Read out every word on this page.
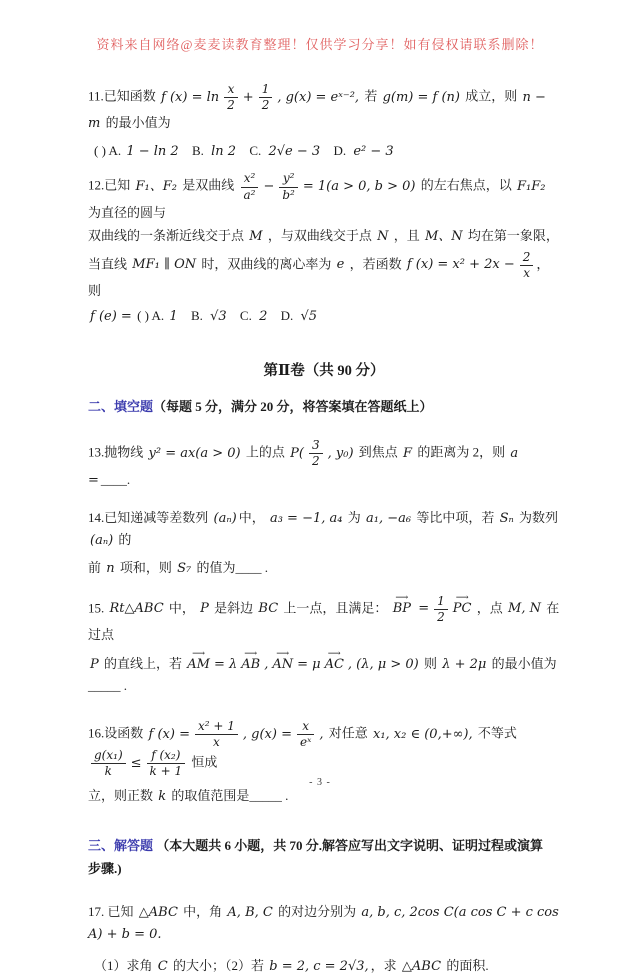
资料来自网络@麦麦读教育整理！仅供学习分享！如有侵权请联系删除！
11.已知函数 f $(x) = \ln \frac{x}{2} + \frac{1}{2}$ , g(x) = eˣ⁻², 若 g(m) = f (n) 成立，则 n − m 的最小值为
( ) A. 1 − ln 2 B. ln 2 C. 2√e − 3 D. e² − 3
12.已知 F₁、F₂ 是双曲线 $\frac{\text{x²}}{\text{a²}} - \frac{\text{y²}}{\text{b²}} = 1(a > 0$, b > 0) 的左右焦点，以 F₁F₂ 为直径的圆与
双曲线的一条渐近线交于点 M ，与双曲线交于点 N ，且 M、N 均在第一象限，
当直线 MF₁ ∥ ON 时，双曲线的离心率为 e ，若函数 f $(x) = x^2 + 2x - \frac{2}{x}$ ，则
f (e) = ( ) A. 1 B. √3 C. 2 D. √5
第Ⅱ卷（共 90 分）
二、填空题（每题 5 分，满分 20 分，将答案填在答题纸上）
13.抛物线 y² = ax(a > 0) 上的点 $P( \frac{3}{2}$ , y₀) 到焦点 F 的距离为 2，则 a = ____.
14.已知递减等差数列 (aₙ) 中， a₃ = −1, a₄ 为 a₁, −a₆ 等比中项，若 Sₙ 为数列 (aₙ) 的
前 n 项和，则 S₇ 的值为____ .
15. Rt△ABC 中， P 是斜边 BC 上一点，且满足： ⟶ BP = $\frac{1}{2}$ ⟶ PC ，点 M, N 在过点
P 的直线上，若 ⟶ AM = λ ⟶ AB , ⟶ AN = μ ⟶ AC , (λ, μ > 0) 则 λ + 2μ 的最小值为_____ .
16.设函数 f $(x) = \frac{\text{x² + 1}}{x}$ , $g(x) = \frac{x}{\text{eˣ}}$ , 对任意 x₁, x₂ ∈ (0,+∞), 不等式
$\frac{\text{g(x₁)}}{k} \le \frac{\text{f (x₂)}}{k + 1}$ 恒成
立，则正数 k 的取值范围是_____ .
三、解答题 （本大题共 6 小题，共 70 分.解答应写出文字说明、证明过程或演算
步骤.)
17. 已知 △ABC 中，角 A, B, C 的对边分别为 a, b, c, 2cos C(a cos C + c cos A) + b = 0.
（1）求角 C 的大小；（2）若 b = 2, c = 2√3, ，求 △ABC 的面积.
- 3 -
